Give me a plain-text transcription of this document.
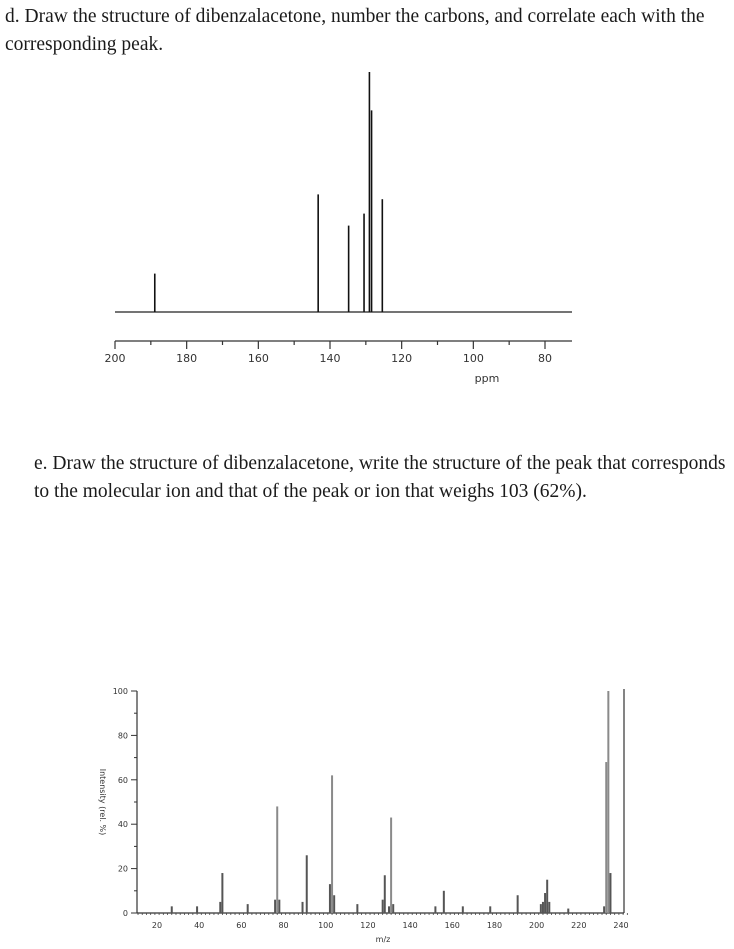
d. Draw the structure of dibenzalacetone, number the carbons, and correlate each with the corresponding peak.
200	180	160	140	120	100	80
ppm
e. Draw the structure of dibenzalacetone, write the structure of the peak that corresponds to the molecular ion and that of the peak or ion that weighs 103 (62%).
0
20
40
60
80
100
Intensity (rel. %)
20	40	60	80	100	120	140	160	180	200	220	240
m/z
